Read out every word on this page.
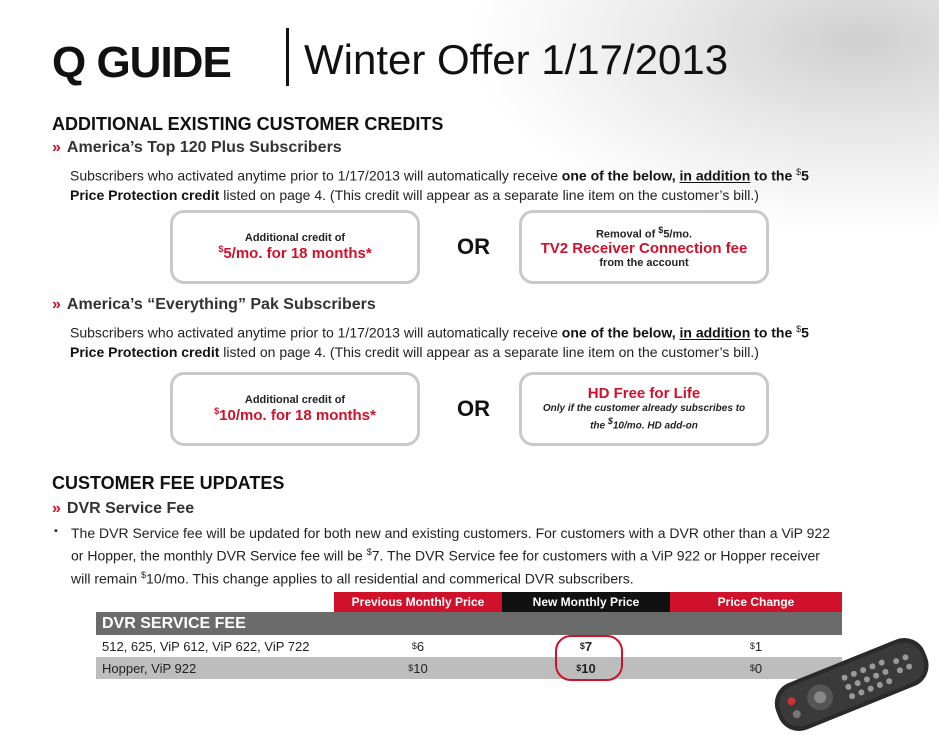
Q GUIDE Winter Offer 1/17/2013
ADDITIONAL EXISTING CUSTOMER CREDITS
» America’s Top 120 Plus Subscribers
Subscribers who activated anytime prior to 1/17/2013 will automatically receive one of the below, in addition to the $5
Price Protection credit listed on page 4. (This credit will appear as a separate line item on the customer’s bill.)
Additional credit of
$5/mo. for 18 months*	OR	Removal of $5/mo.
TV2 Receiver Connection fee
from the account
» America’s “Everything” Pak Subscribers
Subscribers who activated anytime prior to 1/17/2013 will automatically receive one of the below, in addition to the $5
Price Protection credit listed on page 4. (This credit will appear as a separate line item on the customer’s bill.)
Additional credit of
$10/mo. for 18 months*	OR
HD Free for Life
Only if the customer already subscribes to
the $10/mo. HD add-on
CUSTOMER FEE UPDATES
» DVR Service Fee
▪ The DVR Service fee will be updated for both new and existing customers. For customers with a DVR other than a ViP 922
or Hopper, the monthly DVR Service fee will be $7. The DVR Service fee for customers with a ViP 922 or Hopper receiver
will remain $10/mo. This change applies to all residential and commerical DVR subscribers.
Previous Monthly Price	New Monthly Price	Price Change
DVR SERVICE FEE
512, 625, ViP 612, ViP 622, ViP 722	$ 6	$ 7	$ 1
Hopper, ViP 922	$ 10	$ 10	$ 0
